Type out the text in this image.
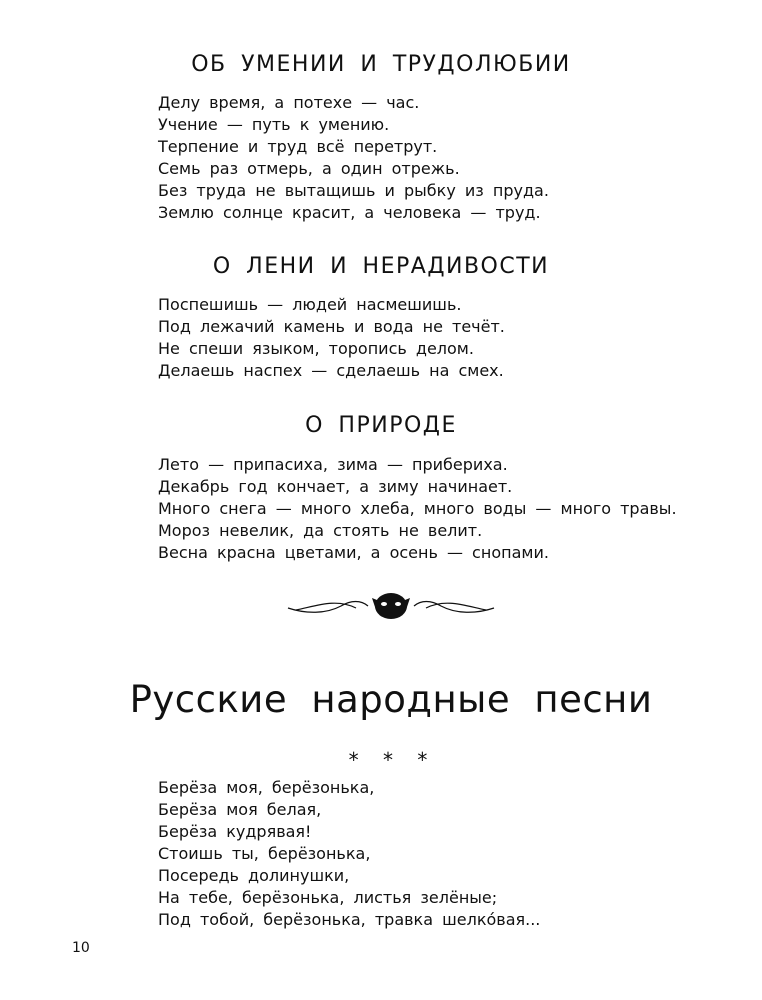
ОБ УМЕНИИ И ТРУДОЛЮБИИ
Делу время, а потехе — час.
Учение — путь к умению.
Терпение и труд всё перетрут.
Семь раз отмерь, а один отрежь.
Без труда не вытащишь и рыбку из пруда.
Землю солнце красит, а человека — труд.
О ЛЕНИ И НЕРАДИВОСТИ
Поспешишь — людей насмешишь.
Под лежачий камень и вода не течёт.
Не спеши языком, торопись делом.
Делаешь наспех — сделаешь на смех.
О ПРИРОДЕ
Лето — припасиха, зима — прибериха.
Декабрь год кончает, а зиму начинает.
Много снега — много хлеба, много воды — много травы.
Мороз невелик, да стоять не велит.
Весна красна цветами, а осень — снопами.
Русские народные песни
* * *
Берёза моя, берёзонька,
Берёза моя белая,
Берёза кудрявая!
Стоишь ты, берёзонька,
Посередь долинушки,
На тебе, берёзонька, листья зелёные;
Под тобой, берёзонька, травка шелко́вая...
10
